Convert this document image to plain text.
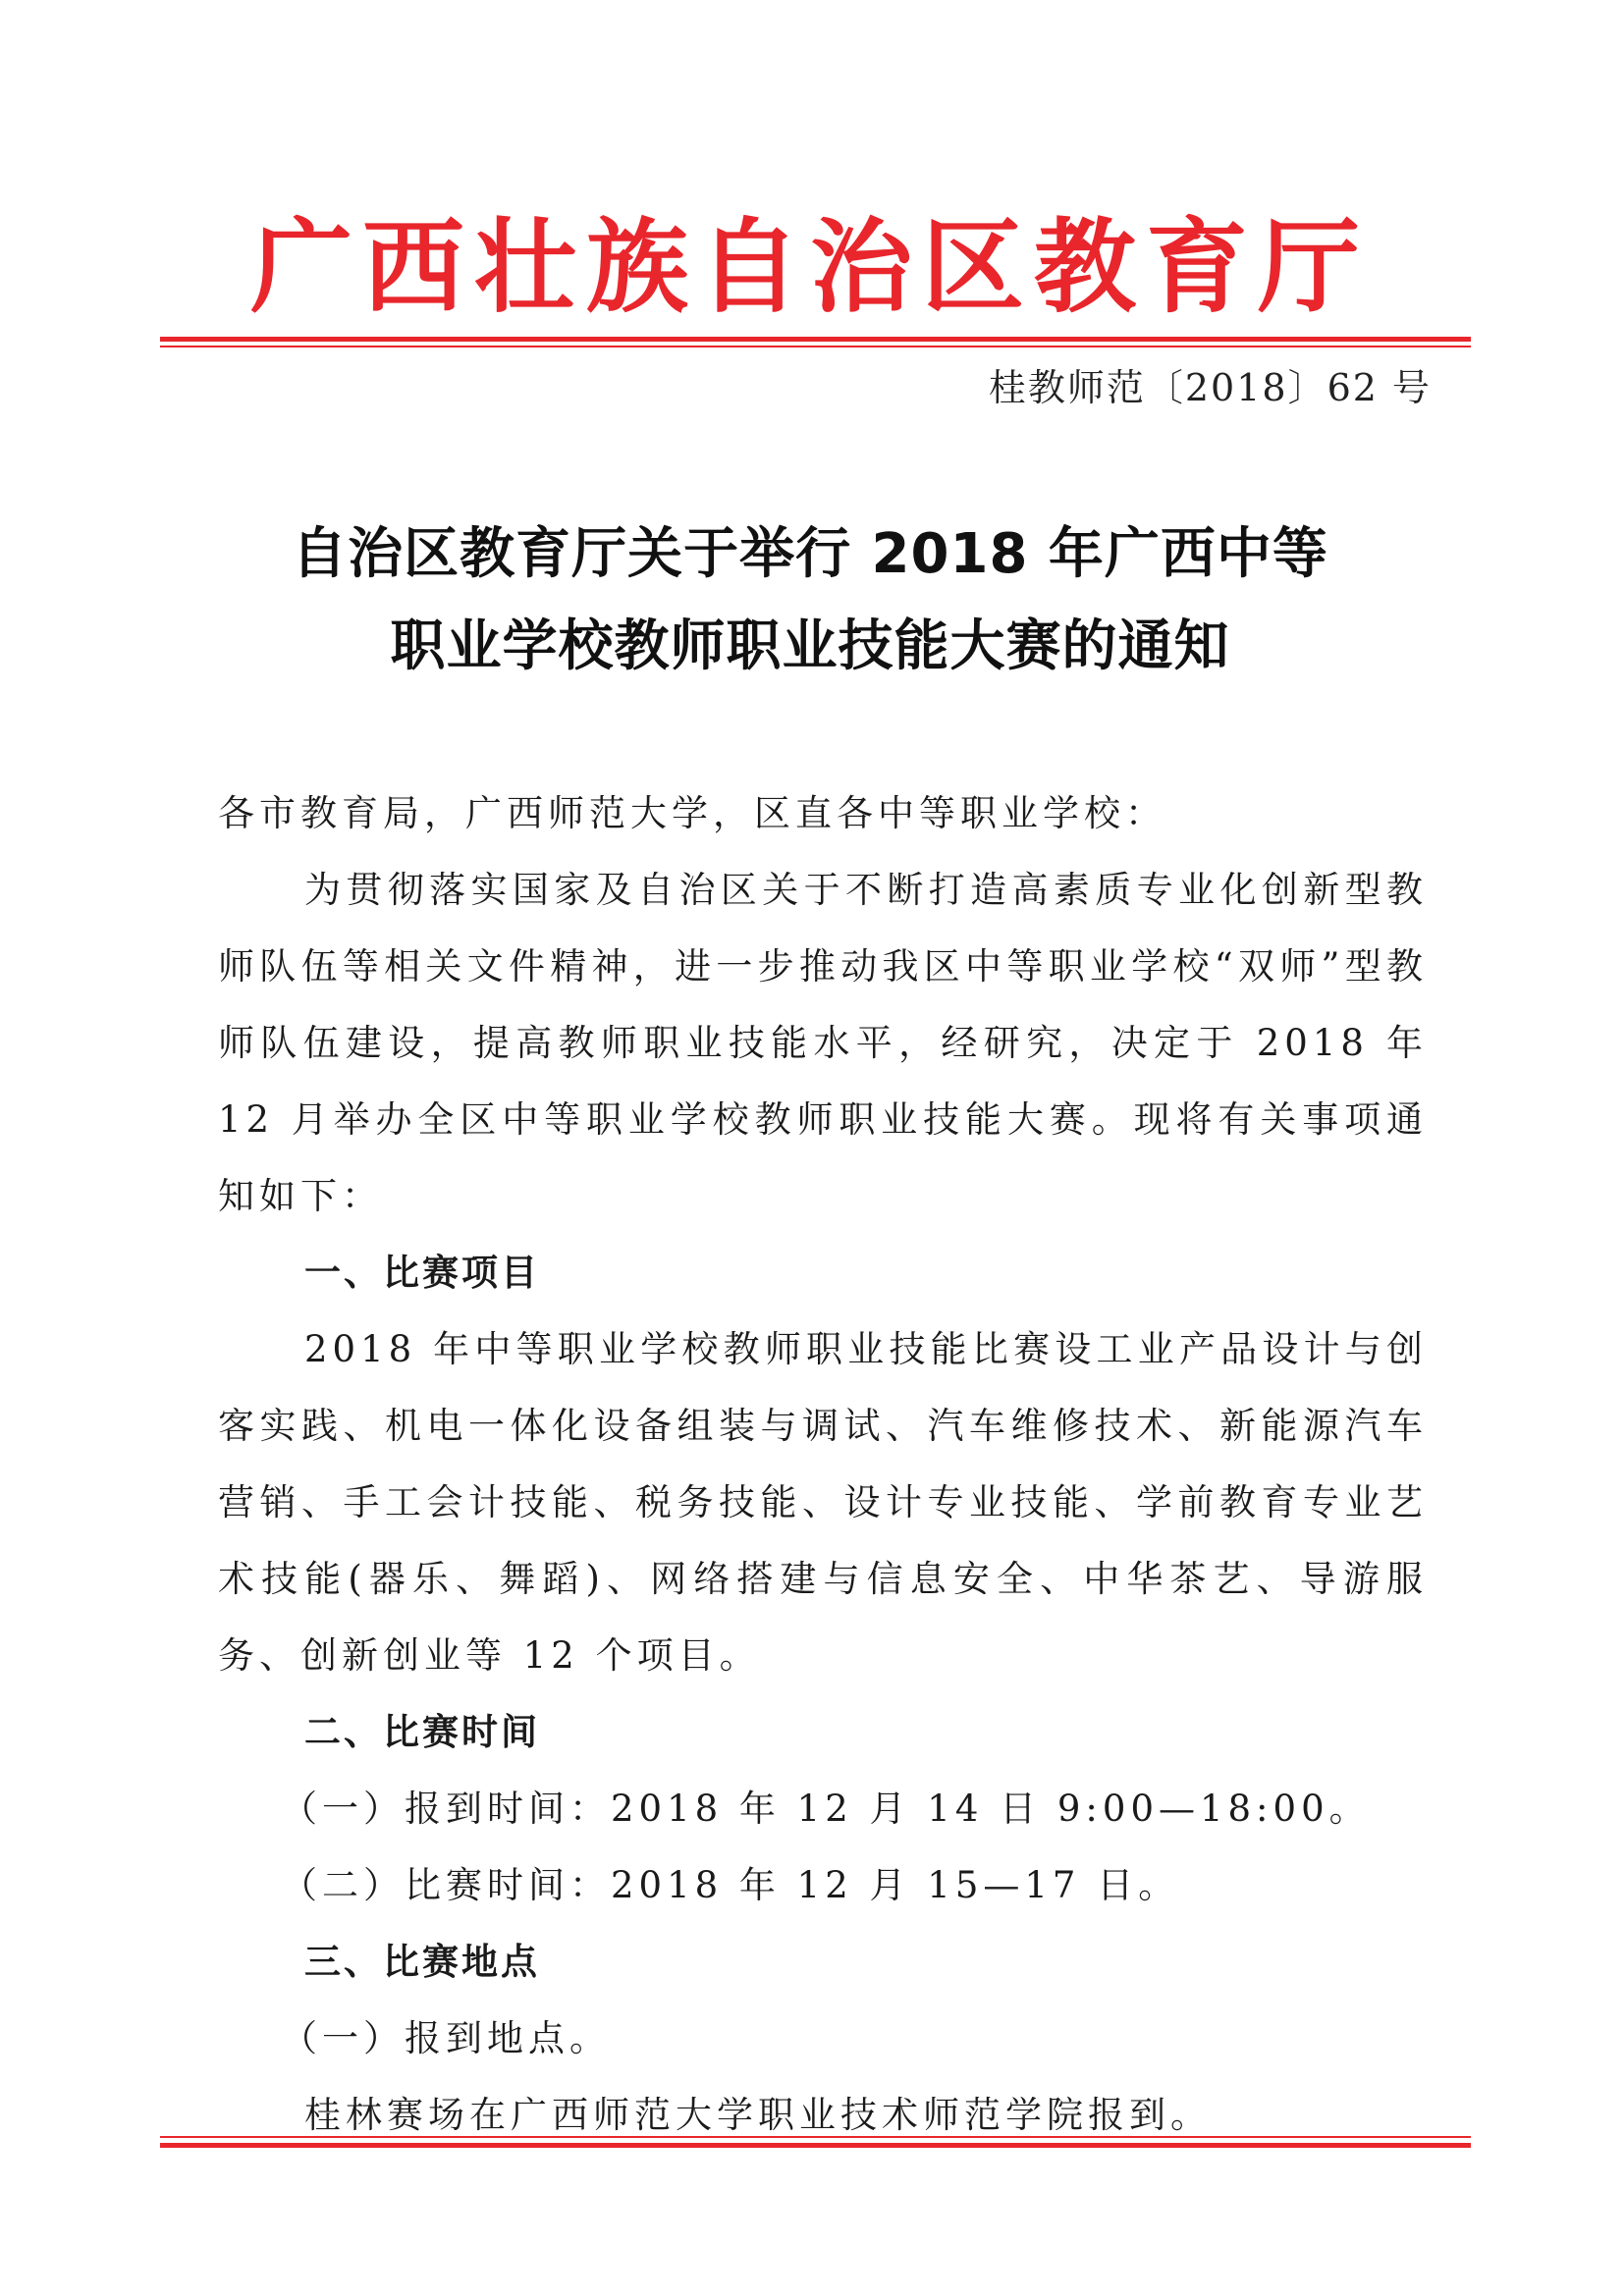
广西壮族自治区教育厅
桂教师范〔2018〕62 号
自治区教育厅关于举行 2018 年广西中等
职业学校教师职业技能大赛的通知

各市教育局，广西师范大学，区直各中等职业学校：

为贯彻落实国家及自治区关于不断打造高素质专业化创新型教师队伍等相关文件精神，进一步推动我区中等职业学校“双师”型教师队伍建设，提高教师职业技能水平，经研究，决定于 2018 年 12 月举办全区中等职业学校教师职业技能大赛。现将有关事项通知如下：

一、比赛项目

2018 年中等职业学校教师职业技能比赛设工业产品设计与创客实践、机电一体化设备组装与调试、汽车维修技术、新能源汽车营销、手工会计技能、税务技能、设计专业技能、学前教育专业艺术技能(器乐、舞蹈)、网络搭建与信息安全、中华茶艺、导游服务、创新创业等 12 个项目。

二、比赛时间

（一）报到时间：2018 年 12 月 14 日 9:00—18:00。

（二）比赛时间：2018 年 12 月 15—17 日。

三、比赛地点

（一）报到地点。

桂林赛场在广西师范大学职业技术师范学院报到。
